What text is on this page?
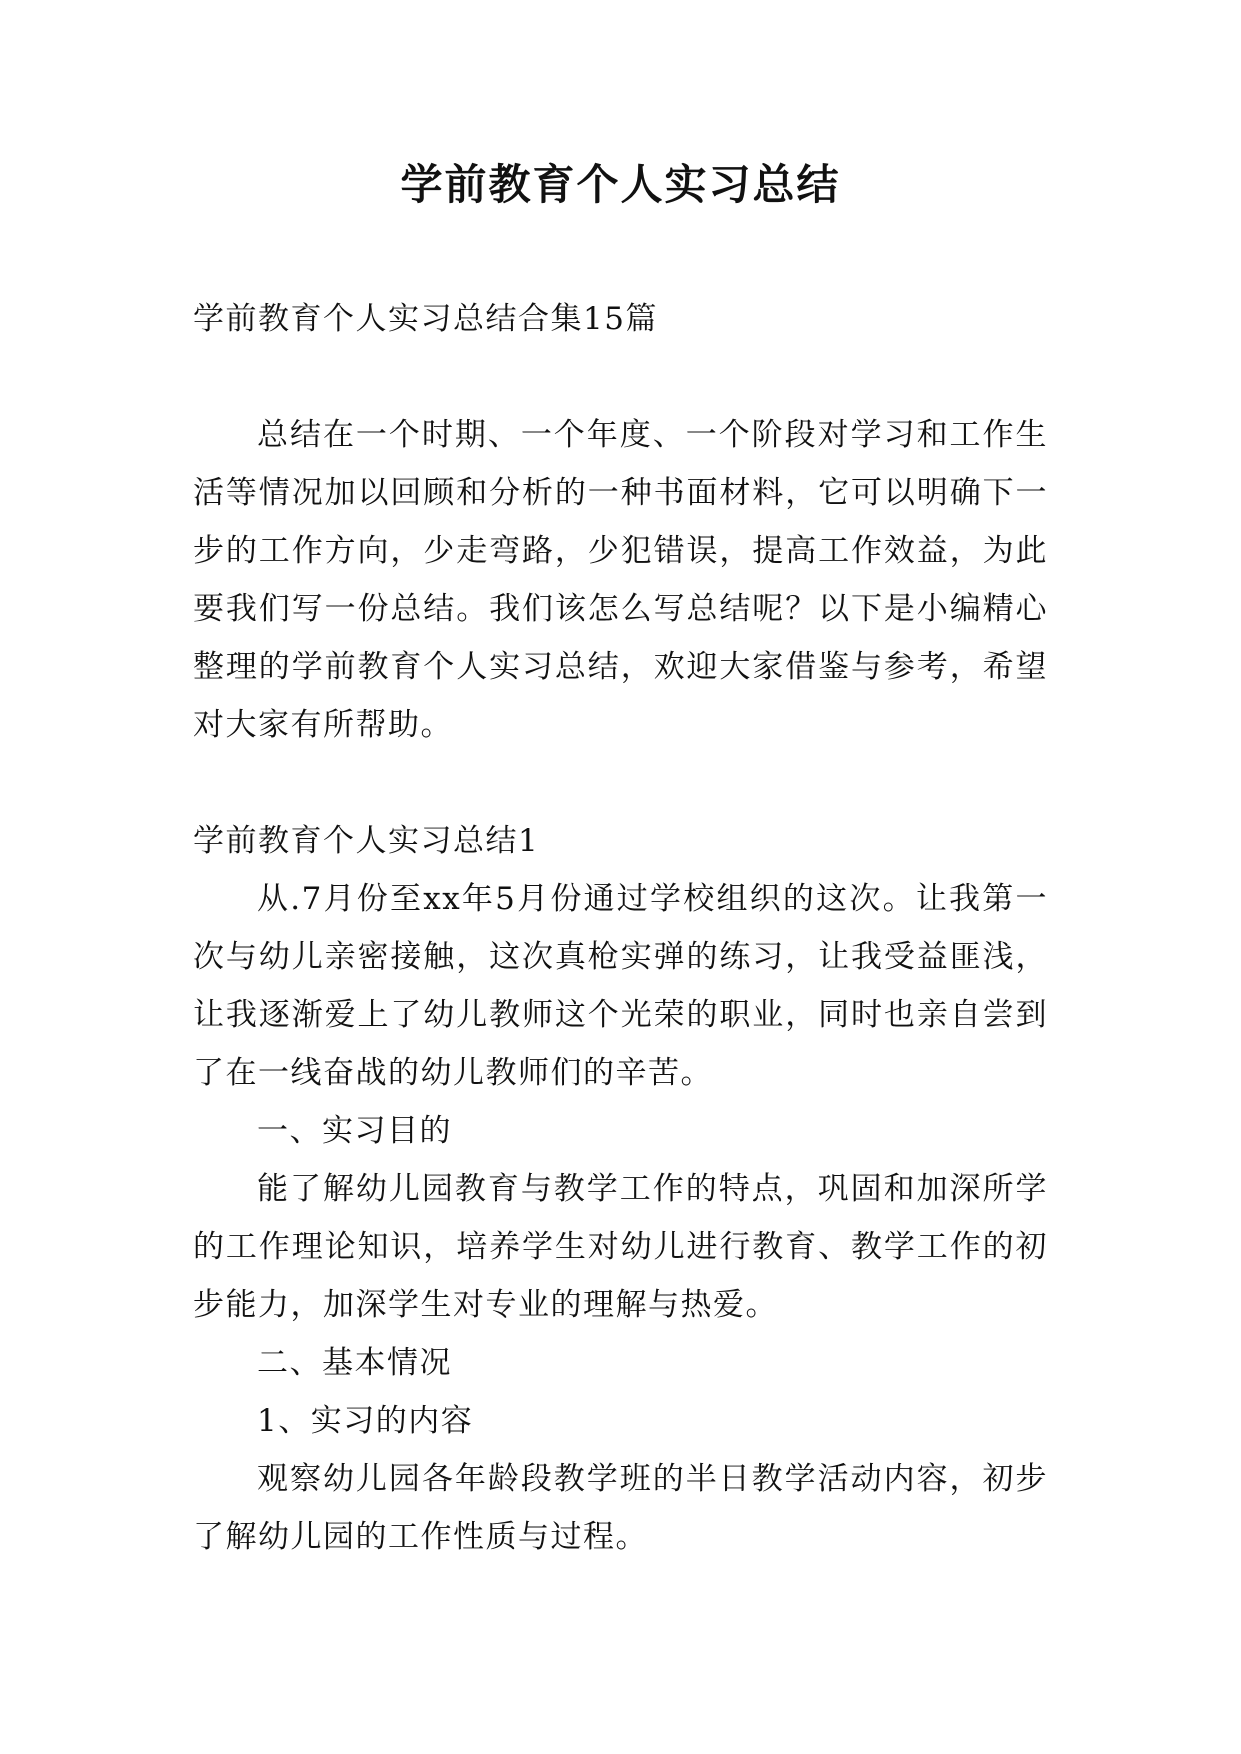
学前教育个人实习总结

学前教育个人实习总结合集15篇

总结在一个时期、一个年度、一个阶段对学习和工作生活等情况加以回顾和分析的一种书面材料，它可以明确下一步的工作方向，少走弯路，少犯错误，提高工作效益，为此要我们写一份总结。我们该怎么写总结呢？以下是小编精心整理的学前教育个人实习总结，欢迎大家借鉴与参考，希望对大家有所帮助。

学前教育个人实习总结1

从.7月份至xx年5月份通过学校组织的这次。让我第一次与幼儿亲密接触，这次真枪实弹的练习，让我受益匪浅，让我逐渐爱上了幼儿教师这个光荣的职业，同时也亲自尝到了在一线奋战的幼儿教师们的辛苦。

一、实习目的

能了解幼儿园教育与教学工作的特点，巩固和加深所学的工作理论知识，培养学生对幼儿进行教育、教学工作的初步能力，加深学生对专业的理解与热爱。

二、基本情况

1、实习的内容

观察幼儿园各年龄段教学班的半日教学活动内容，初步了解幼儿园的工作性质与过程。
